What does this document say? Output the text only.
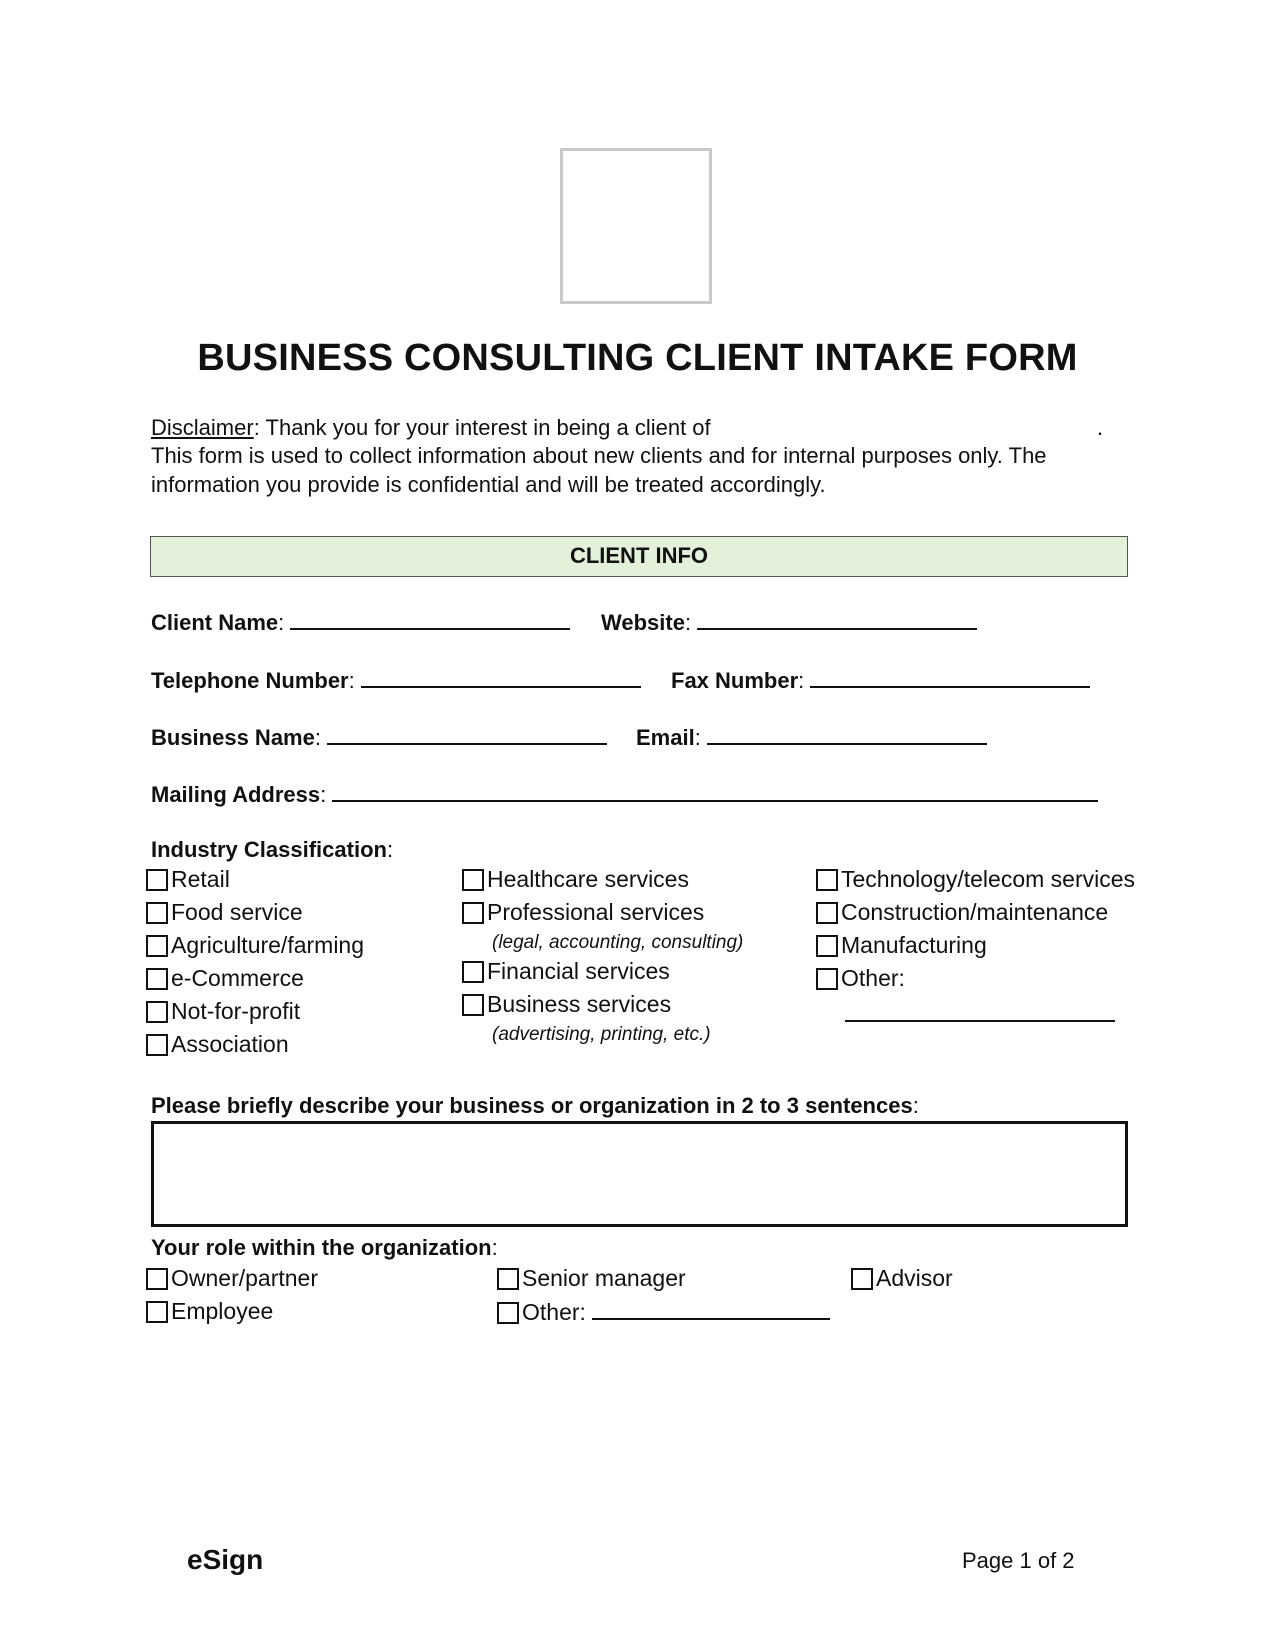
BUSINESS CONSULTING CLIENT INTAKE FORM
Disclaimer: Thank you for your interest in being a client of	.
This form is used to collect information about new clients and for internal purposes only. The
information you provide is confidential and will be treated accordingly.
CLIENT INFO
Client Name:	Website:
Telephone Number:	Fax Number:
Business Name:	Email:
Mailing Address:
Industry Classification:
Retail
Food service
Agriculture/farming
e-Commerce
Not-for-profit
Association
Healthcare services
Professional services
(legal, accounting, consulting)
Financial services
Business services
(advertising, printing, etc.)
Technology/telecom services
Construction/maintenance
Manufacturing
Other:
Please briefly describe your business or organization in 2 to 3 sentences:
Your role within the organization:
Owner/partner
Employee
Senior manager
Other:
Advisor
eSign	Page 1 of 2
